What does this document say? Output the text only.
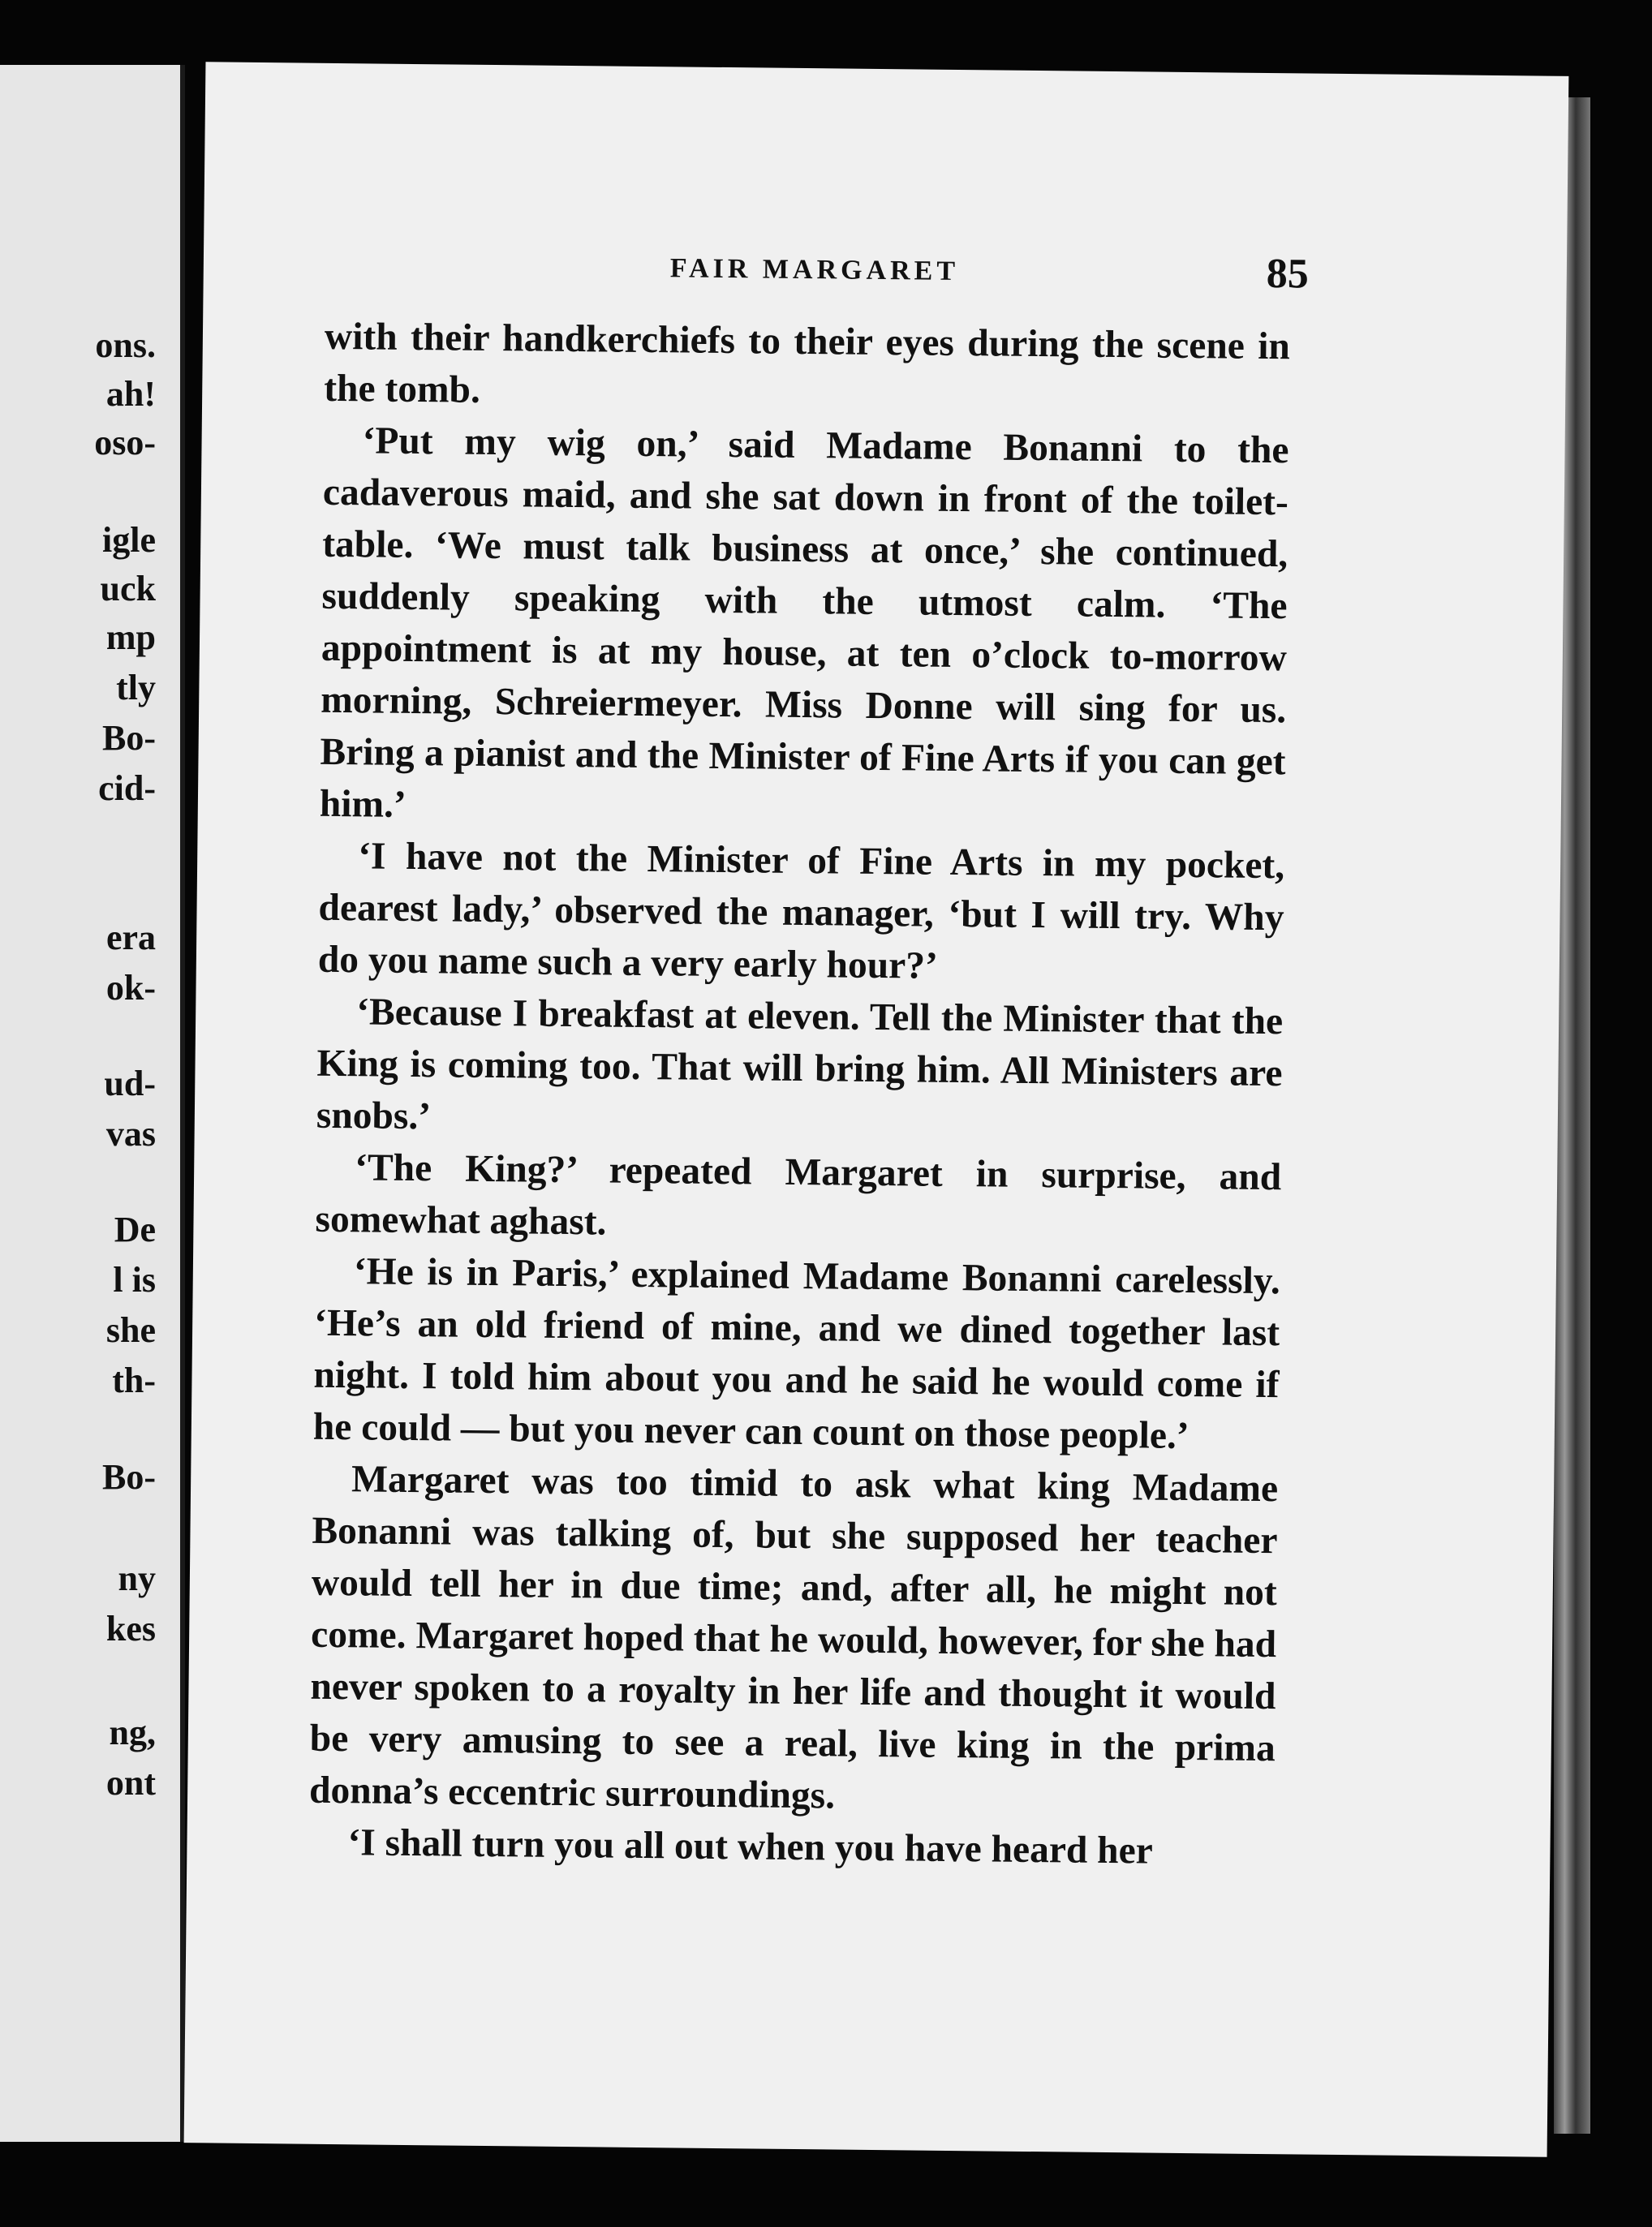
ons.
ah!
oso-
igle
uck
mp
tly
Bo-
cid-
era
ok-
ud-
vas
De
l is
she
th-
Bo-
ny
kes
ng,
ont
FAIR MARGARET	85

with their handkerchiefs to their eyes during the scene in the tomb.

‘Put my wig on,’ said Madame Bonanni to the cadaverous maid, and she sat down in front of the toilet-table. ‘We must talk business at once,’ she continued, suddenly speaking with the utmost calm. ‘The appointment is at my house, at ten o’clock to-morrow morning, Schreiermeyer. Miss Donne will sing for us. Bring a pianist and the Minister of Fine Arts if you can get him.’

‘I have not the Minister of Fine Arts in my pocket, dearest lady,’ observed the manager, ‘but I will try. Why do you name such a very early hour?’

‘Because I breakfast at eleven. Tell the Minister that the King is coming too. That will bring him. All Ministers are snobs.’

‘The King?’ repeated Margaret in surprise, and somewhat aghast.

‘He is in Paris,’ explained Madame Bonanni carelessly. ‘He’s an old friend of mine, and we dined together last night. I told him about you and he said he would come if he could — but you never can count on those people.’

Margaret was too timid to ask what king Madame Bonanni was talking of, but she supposed her teacher would tell her in due time; and, after all, he might not come. Margaret hoped that he would, however, for she had never spoken to a royalty in her life and thought it would be very amusing to see a real, live king in the prima donna’s eccentric surroundings.

‘I shall turn you all out when you have heard her
